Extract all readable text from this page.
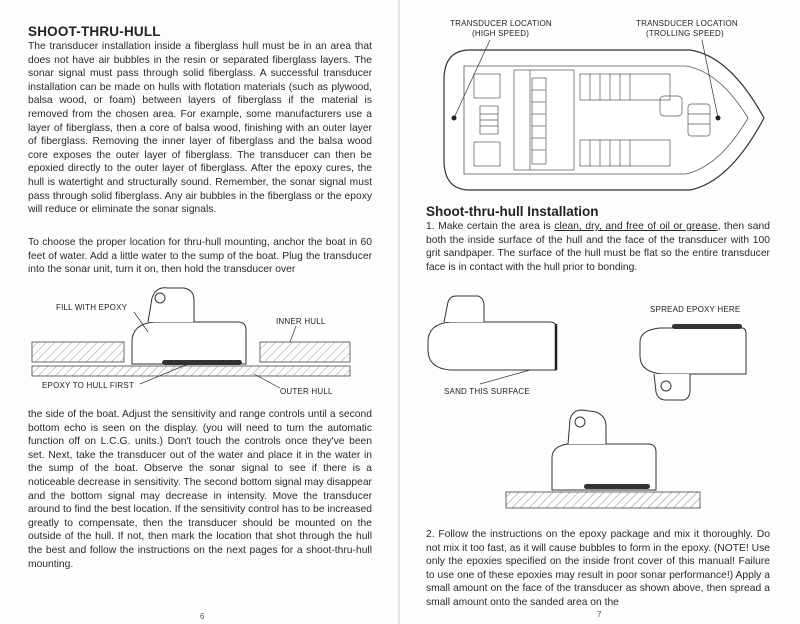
SHOOT-THRU-HULL

The transducer installation inside a fiberglass hull must be in an area that does not have air bubbles in the resin or separated fiberglass layers. The sonar signal must pass through solid fiberglass. A successful transducer installation can be made on hulls with flotation materials (such as plywood, balsa wood, or foam) between layers of fiberglass if the material is removed from the chosen area. For example, some manufacturers use a layer of fiberglass, then a core of balsa wood, finishing with an outer layer of fiberglass. Removing the inner layer of fiberglass and the balsa wood core exposes the outer layer of fiberglass. The transducer can then be epoxied directly to the outer layer of fiberglass. After the epoxy cures, the hull is watertight and structurally sound. Remember, the sonar signal must pass through solid fiberglass. Any air bubbles in the fiberglass or the epoxy will reduce or eliminate the sonar signals.

To choose the proper location for thru-hull mounting, anchor the boat in 60 feet of water. Add a little water to the sump of the boat. Plug the transducer into the sonar unit, turn it on, then hold the transducer over

FILL WITH EPOXY
INNER HULL
EPOXY TO HULL FIRST
OUTER HULL

the side of the boat. Adjust the sensitivity and range controls until a second bottom echo is seen on the display. (you will need to turn the automatic function off on L.C.G. units.) Don't touch the controls once they've been set. Next, take the transducer out of the water and place it in the water in the sump of the boat. Observe the sonar signal to see if there is a noticeable decrease in sensitivity. The second bottom signal may disappear and the bottom signal may decrease in intensity. Move the transducer around to find the best location. If the sensitivity control has to be increased greatly to compensate, then the transducer should be mounted on the outside of the hull. If not, then mark the location that shot through the hull the best and follow the instructions on the next pages for a shoot-thru-hull mounting.

6
TRANSDUCER LOCATION
(HIGH SPEED)
TRANSDUCER LOCATION
(TROLLING SPEED)
Shoot-thru-hull Installation

1. Make certain the area is clean, dry, and free of oil or grease, then sand both the inside surface of the hull and the face of the transducer with 100 grit sandpaper. The surface of the hull must be flat so the entire transducer face is in contact with the hull prior to bonding.

SAND THIS SURFACE
SPREAD EPOXY HERE

2. Follow the instructions on the epoxy package and mix it thoroughly. Do not mix it too fast, as it will cause bubbles to form in the epoxy. (NOTE! Use only the epoxies specified on the inside front cover of this manual! Failure to use one of these epoxies may result in poor sonar performance!) Apply a small amount on the face of the transducer as shown above, then spread a small amount onto the sanded area on the

7
